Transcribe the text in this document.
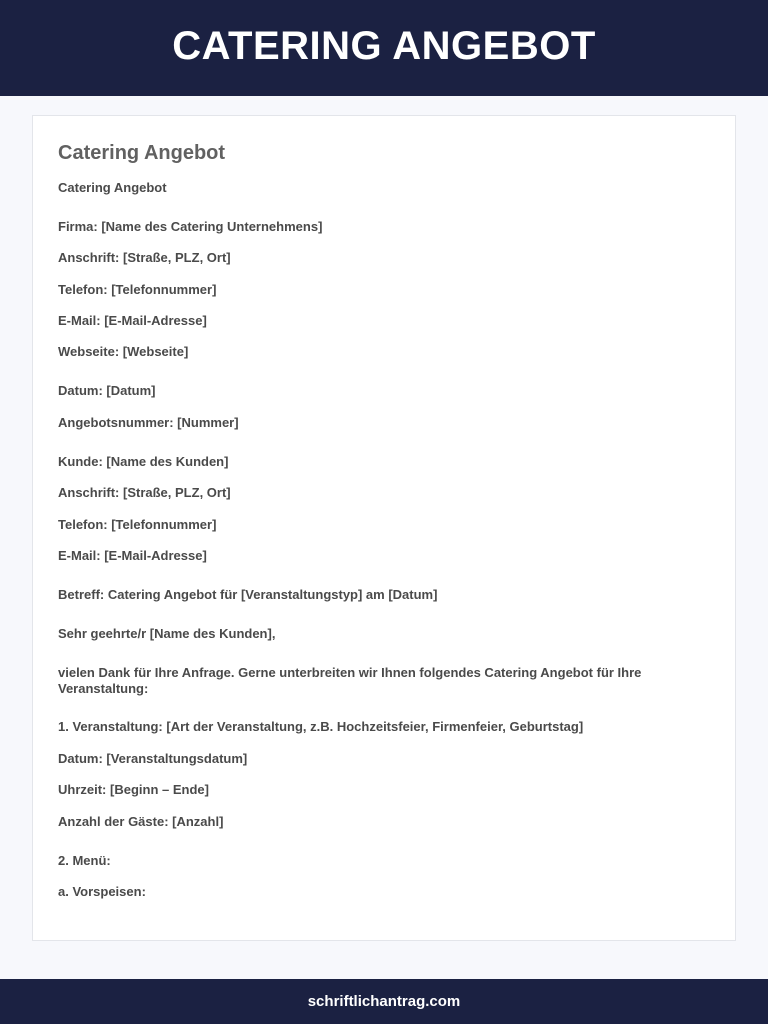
CATERING ANGEBOT
Catering Angebot

Catering Angebot

Firma: [Name des Catering Unternehmens]

Anschrift: [Straße, PLZ, Ort]

Telefon: [Telefonnummer]

E-Mail: [E-Mail-Adresse]

Webseite: [Webseite]

Datum: [Datum]

Angebotsnummer: [Nummer]

Kunde: [Name des Kunden]

Anschrift: [Straße, PLZ, Ort]

Telefon: [Telefonnummer]

E-Mail: [E-Mail-Adresse]

Betreff: Catering Angebot für [Veranstaltungstyp] am [Datum]

Sehr geehrte/r [Name des Kunden],

vielen Dank für Ihre Anfrage. Gerne unterbreiten wir Ihnen folgendes Catering Angebot für Ihre Veranstaltung:

1. Veranstaltung: [Art der Veranstaltung, z.B. Hochzeitsfeier, Firmenfeier, Geburtstag]

Datum: [Veranstaltungsdatum]

Uhrzeit: [Beginn – Ende]

Anzahl der Gäste: [Anzahl]

2. Menü:

a. Vorspeisen:

schriftlichantrag.com
